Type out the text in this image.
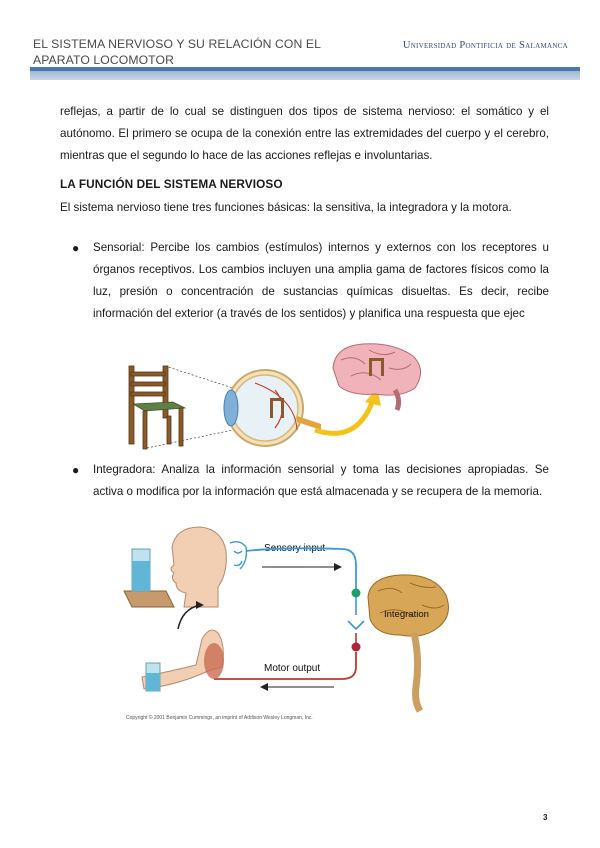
EL SISTEMA NERVIOSO Y SU RELACIÓN CON EL APARATO LOCOMOTOR
Universidad Pontificia de Salamanca
reflejas, a partir de lo cual se distinguen dos tipos de sistema nervioso: el somático y el autónomo. El primero se ocupa de la conexión entre las extremidades del cuerpo y el cerebro, mientras que el segundo lo hace de las acciones reflejas e involuntarias.
LA FUNCIÓN DEL SISTEMA NERVIOSO
El sistema nervioso tiene tres funciones básicas: la sensitiva, la integradora y la motora.
● Sensorial: Percibe los cambios (estímulos) internos y externos con los receptores u órganos receptivos. Los cambios incluyen una amplia gama de factores físicos como la luz, presión o concentración de sustancias químicas disueltas. Es decir, recibe información del exterior (a través de los sentidos) y planifica una respuesta que ejec
● Integradora: Analiza la información sensorial y toma las decisiones apropiadas. Se activa o modifica por la información que está almacenada y se recupera de la memoria.
Sensory input
Integration
Motor output
Copyright © 2001 Benjamin Cummings, an imprint of Addison Wesley Longman, Inc.
3
